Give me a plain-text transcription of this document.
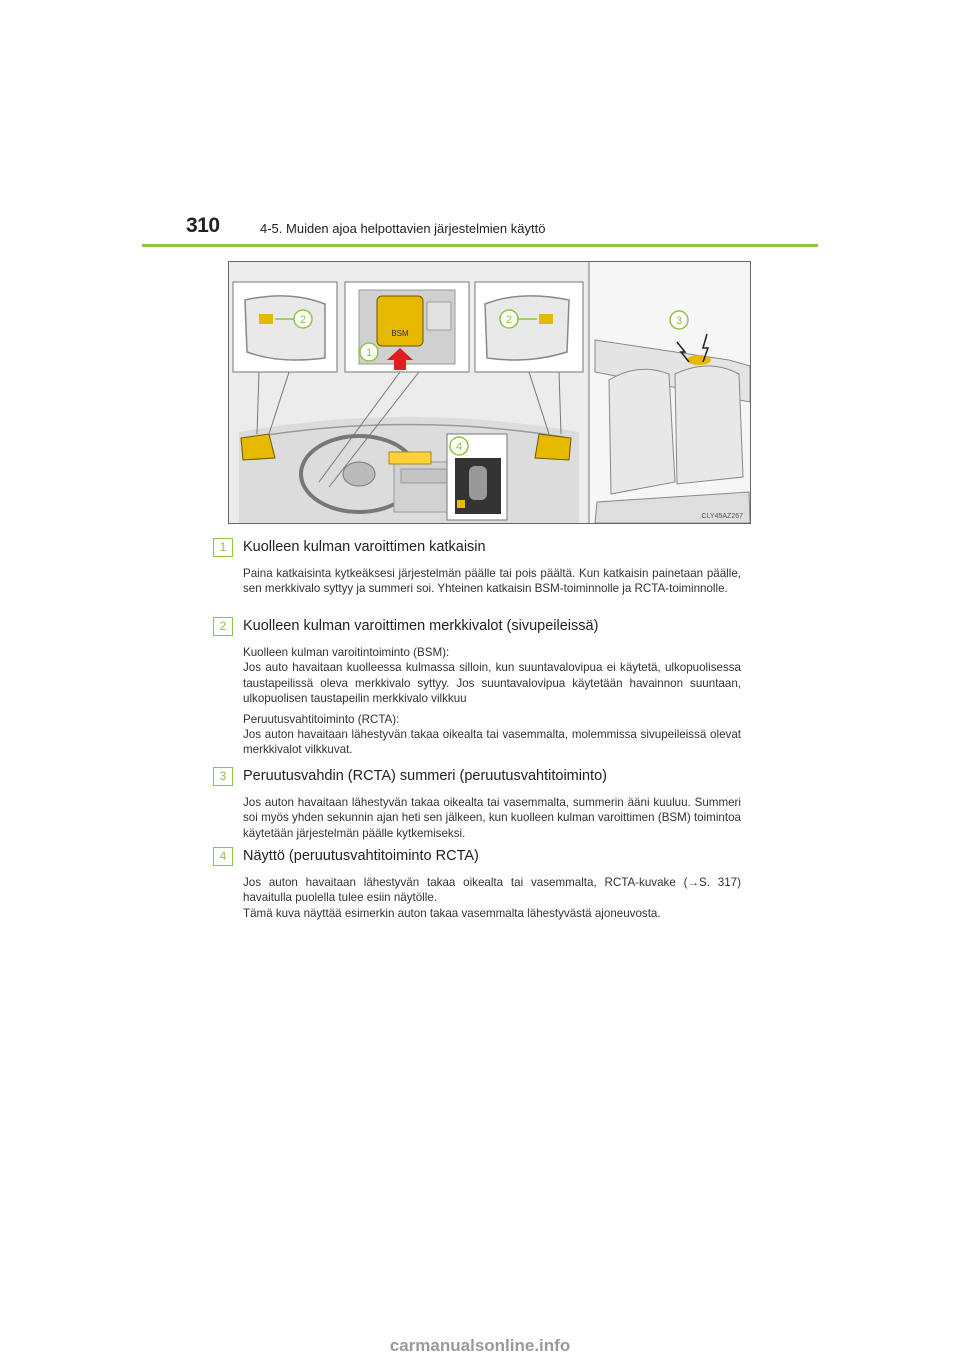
310	4-5. Muiden ajoa helpottavien järjestelmien käyttö
2
BSM
1
2
4
3
CLY45AZ267
1	Kuolleen kulman varoittimen katkaisin

Paina katkaisinta kytkeäksesi järjestelmän päälle tai pois päältä. Kun katkaisin painetaan päälle, sen merkkivalo syttyy ja summeri soi. Yhteinen katkaisin BSM-toiminnolle ja RCTA-toiminnolle.

2	Kuolleen kulman varoittimen merkkivalot (sivupeileissä)

Kuolleen kulman varoitintoiminto (BSM):

Jos auto havaitaan kuolleessa kulmassa silloin, kun suuntavalovipua ei käytetä, ulkopuolisessa taustapeilissä oleva merkkivalo syttyy. Jos suuntavalovipua käytetään havainnon suuntaan, ulkopuolisen taustapeilin merkkivalo vilkkuu

Peruutusvahtitoiminto (RCTA):

Jos auton havaitaan lähestyvän takaa oikealta tai vasemmalta, molemmissa sivupeileissä olevat merkkivalot vilkkuvat.

3	Peruutusvahdin (RCTA) summeri (peruutusvahtitoiminto)

Jos auton havaitaan lähestyvän takaa oikealta tai vasemmalta, summerin ääni kuuluu. Summeri soi myös yhden sekunnin ajan heti sen jälkeen, kun kuolleen kulman varoittimen (BSM) toimintoa käytetään järjestelmän päälle kytkemiseksi.

4	Näyttö (peruutusvahtitoiminto RCTA)

Jos auton havaitaan lähestyvän takaa oikealta tai vasemmalta, RCTA-kuvake (→S. 317) havaitulla puolella tulee esiin näytölle.

Tämä kuva näyttää esimerkin auton takaa vasemmalta lähestyvästä ajoneuvosta.

carmanualsonline.info
